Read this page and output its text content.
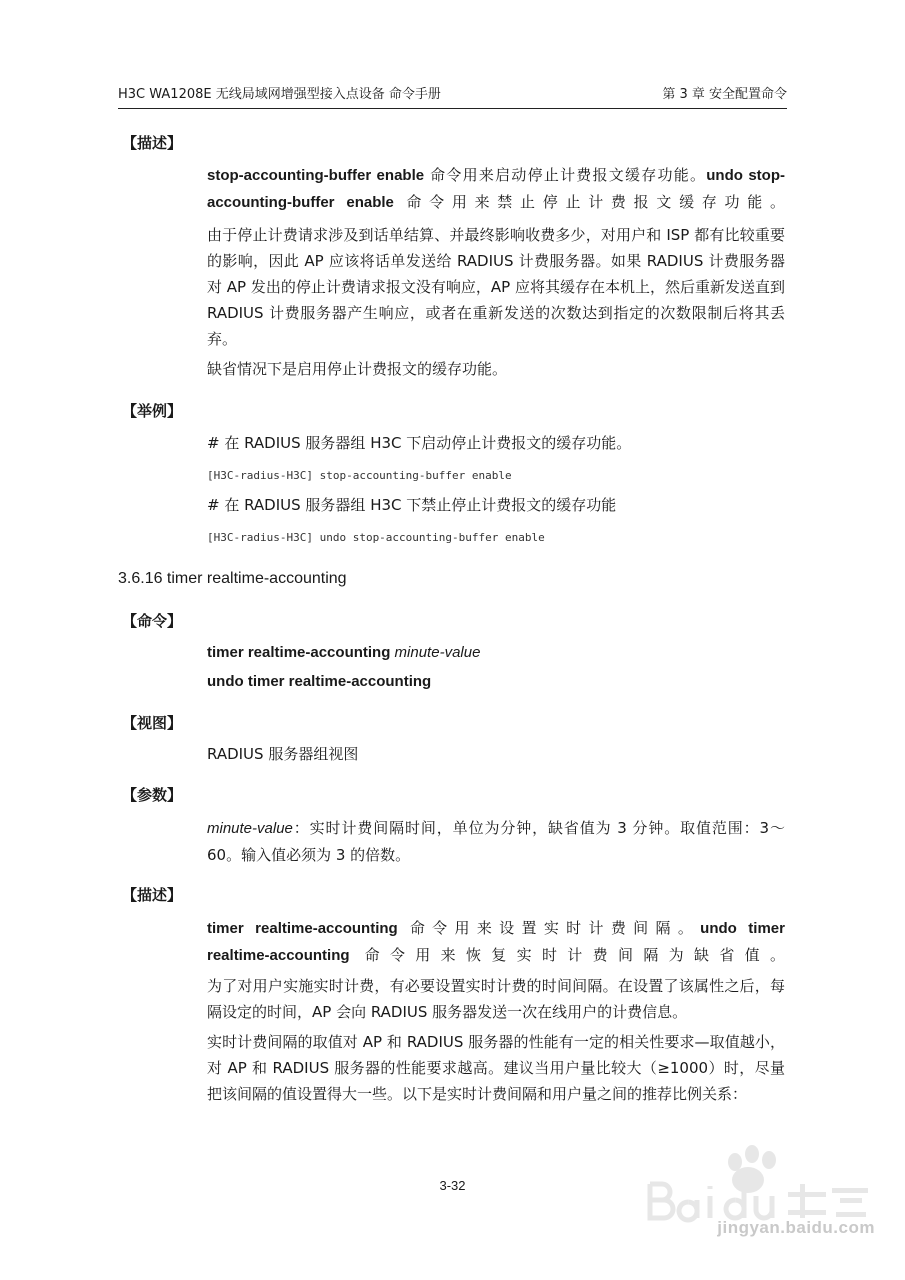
H3C WA1208E 无线局域网增强型接入点设备 命令手册	第 3 章 安全配置命令
【描述】

stop-accounting-buffer enable 命令用来启动停止计费报文缓存功能。undo stop-accounting-buffer enable 命令用来禁止停止计费报文缓存功能。

由于停止计费请求涉及到话单结算、并最终影响收费多少，对用户和 ISP 都有比较重要的影响，因此 AP 应该将话单发送给 RADIUS 计费服务器。如果 RADIUS 计费服务器对 AP 发出的停止计费请求报文没有响应，AP 应将其缓存在本机上，然后重新发送直到 RADIUS 计费服务器产生响应，或者在重新发送的次数达到指定的次数限制后将其丢弃。

缺省情况下是启用停止计费报文的缓存功能。

【举例】

# 在 RADIUS 服务器组 H3C 下启动停止计费报文的缓存功能。

[H3C-radius-H3C] stop-accounting-buffer enable

# 在 RADIUS 服务器组 H3C 下禁止停止计费报文的缓存功能

[H3C-radius-H3C] undo stop-accounting-buffer enable
3.6.16 timer realtime-accounting
【命令】
timer realtime-accounting minute-value
undo timer realtime-accounting
【视图】

RADIUS 服务器组视图

【参数】

minute-value：实时计费间隔时间，单位为分钟，缺省值为 3 分钟。取值范围：3～60。输入值必须为 3 的倍数。

【描述】

timer realtime-accounting 命令用来设置实时计费间隔。undo timer
realtime-accounting 命令用来恢复实时计费间隔为缺省值。

为了对用户实施实时计费，有必要设置实时计费的时间间隔。在设置了该属性之后，每隔设定的时间，AP 会向 RADIUS 服务器发送一次在线用户的计费信息。

实时计费间隔的取值对 AP 和 RADIUS 服务器的性能有一定的相关性要求—取值越小，对 AP 和 RADIUS 服务器的性能要求越高。建议当用户量比较大（≥1000）时，尽量把该间隔的值设置得大一些。以下是实时计费间隔和用户量之间的推荐比例关系：

3-32
jingyan.baidu.com
